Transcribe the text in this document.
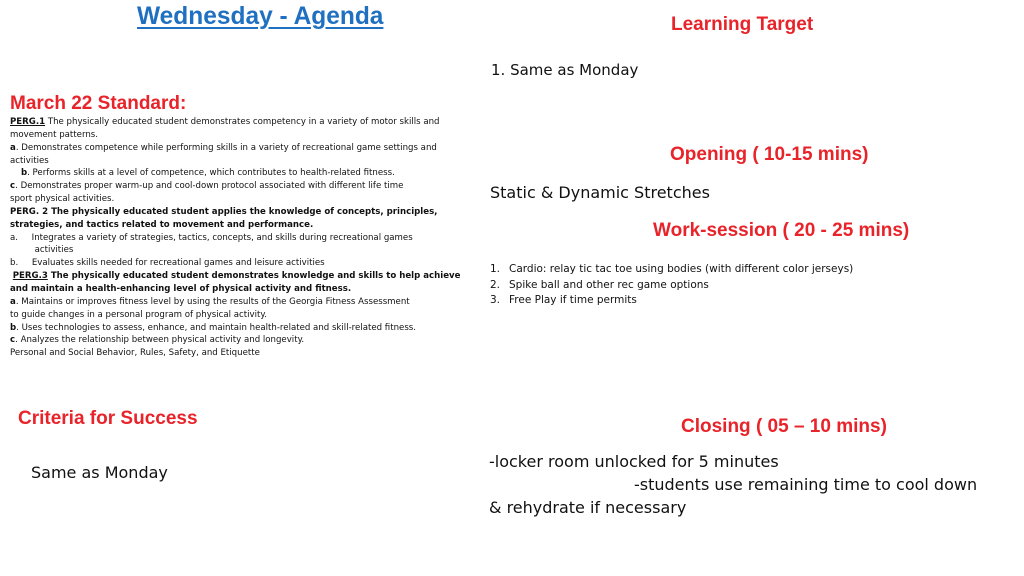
Wednesday - Agenda	Learning Target
1. Same as Monday
March 22 Standard:

PERG.1 The physically educated student demonstrates competency in a variety of motor skills and

movement patterns.

a. Demonstrates competence while performing skills in a variety of recreational game settings and

activities

b. Performs skills at a level of competence, which contributes to health-related fitness.

c. Demonstrates proper warm-up and cool-down protocol associated with different life time

sport physical activities.

PERG. 2 The physically educated student applies the knowledge of concepts, principles,

strategies, and tactics related to movement and performance.

a.     Integrates a variety of strategies, tactics, concepts, and skills during recreational games

activities

b.     Evaluates skills needed for recreational games and leisure activities

PERG.3 The physically educated student demonstrates knowledge and skills to help achieve

and maintain a health-enhancing level of physical activity and fitness.

a. Maintains or improves fitness level by using the results of the Georgia Fitness Assessment

to guide changes in a personal program of physical activity.

b. Uses technologies to assess, enhance, and maintain health-related and skill-related fitness.

c. Analyzes the relationship between physical activity and longevity.

Personal and Social Behavior, Rules, Safety, and Etiquette

Opening ( 10-15 mins)
Static & Dynamic Stretches
Work-session ( 20 - 25 mins)
1. Cardio: relay tic tac toe using bodies (with different color jerseys)
2. Spike ball and other rec game options
3. Free Play if time permits
Criteria for Success
Same as Monday
Closing ( 05 – 10 mins)
-locker room unlocked for 5 minutes
-students use remaining time to cool down
& rehydrate if necessary
